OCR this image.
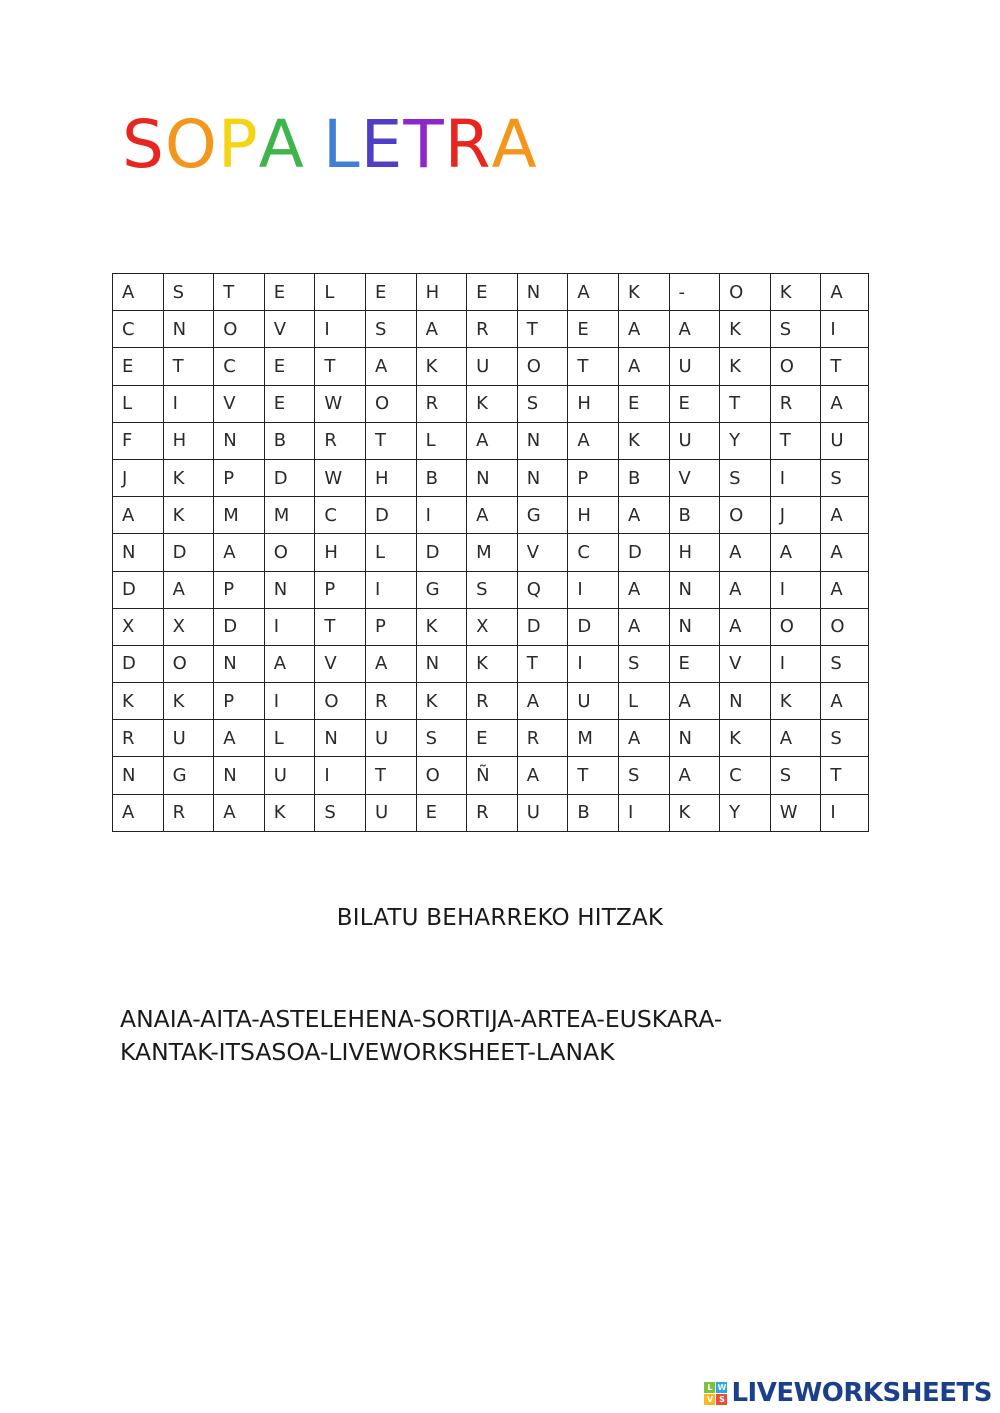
SOPA LETRA
A	S	T	E	L	E	H	E	N	A	K	-	O	K	A
C	N	O	V	I	S	A	R	T	E	A	A	K	S	I
E	T	C	E	T	A	K	U	O	T	A	U	K	O	T
L	I	V	E	W	O	R	K	S	H	E	E	T	R	A
F	H	N	B	R	T	L	A	N	A	K	U	Y	T	U
J	K	P	D	W	H	B	N	N	P	B	V	S	I	S
A	K	M	M	C	D	I	A	G	H	A	B	O	J	A
N	D	A	O	H	L	D	M	V	C	D	H	A	A	A
D	A	P	N	P	I	G	S	Q	I	A	N	A	I	A
X	X	D	I	T	P	K	X	D	D	A	N	A	O	O
D	O	N	A	V	A	N	K	T	I	S	E	V	I	S
K	K	P	I	O	R	K	R	A	U	L	A	N	K	A
R	U	A	L	N	U	S	E	R	M	A	N	K	A	S
N	G	N	U	I	T	O	Ñ	A	T	S	A	C	S	T
A	R	A	K	S	U	E	R	U	B	I	K	Y	W	I
BILATU BEHARREKO HITZAK
ANAIA-AITA-ASTELEHENA-SORTIJA-ARTEA-EUSKARA-
KANTAK-ITSASOA-LIVEWORKSHEET-LANAK
L W
V S LIVEWORKSHEETS
